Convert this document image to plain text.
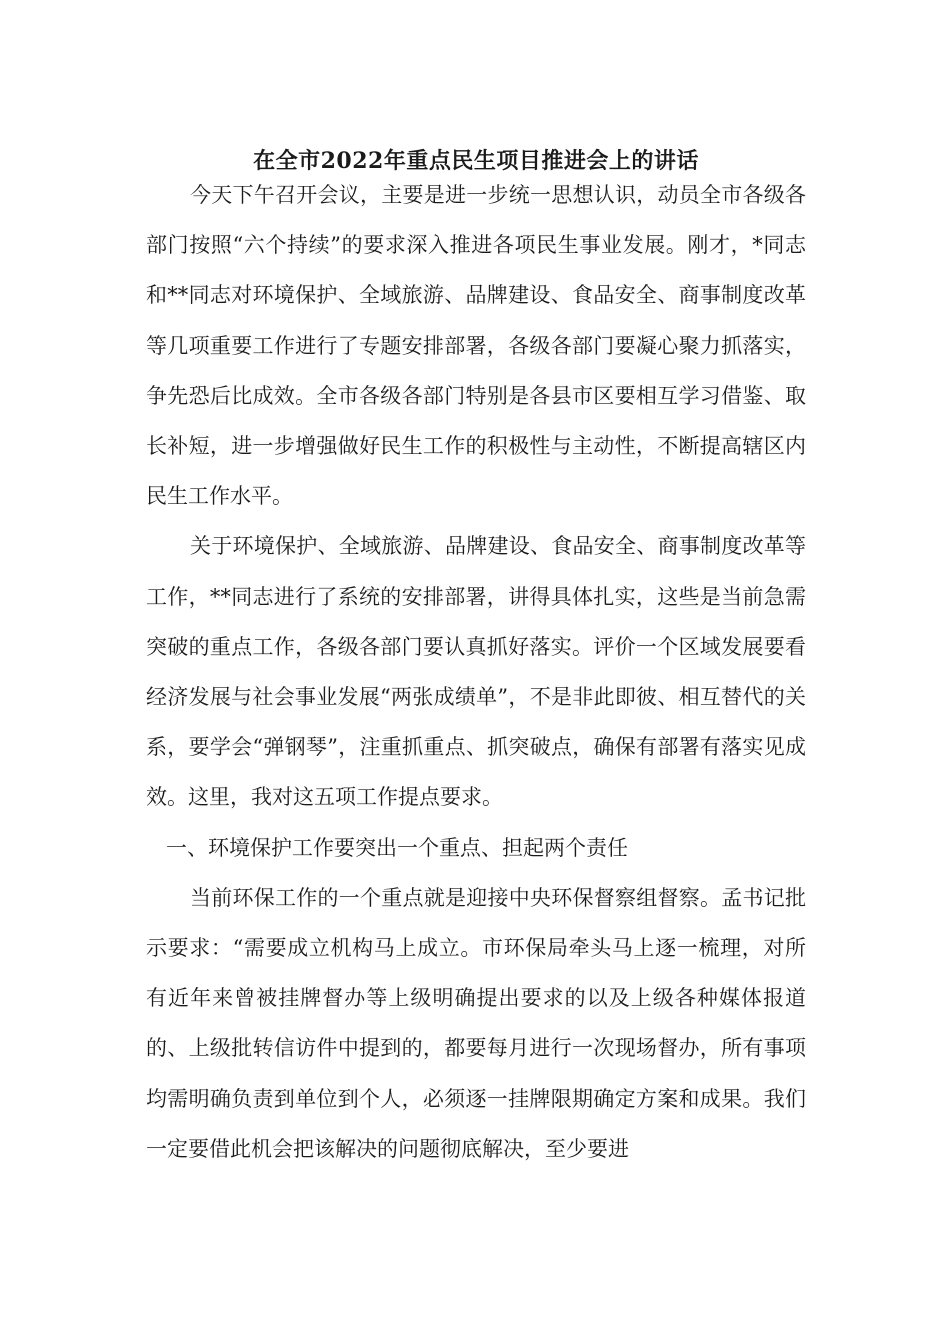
在全市2022年重点民生项目推进会上的讲话

今天下午召开会议，主要是进一步统一思想认识，动员全市各级各部门按照“六个持续”的要求深入推进各项民生事业发展。刚才，*同志和**同志对环境保护、全域旅游、品牌建设、食品安全、商事制度改革等几项重要工作进行了专题安排部署，各级各部门要凝心聚力抓落实，争先恐后比成效。全市各级各部门特别是各县市区要相互学习借鉴、取长补短，进一步增强做好民生工作的积极性与主动性，不断提高辖区内民生工作水平。

关于环境保护、全域旅游、品牌建设、食品安全、商事制度改革等工作，**同志进行了系统的安排部署，讲得具体扎实，这些是当前急需突破的重点工作，各级各部门要认真抓好落实。评价一个区域发展要看经济发展与社会事业发展“两张成绩单”，不是非此即彼、相互替代的关系，要学会“弹钢琴”，注重抓重点、抓突破点，确保有部署有落实见成效。这里，我对这五项工作提点要求。

一、环境保护工作要突出一个重点、担起两个责任

当前环保工作的一个重点就是迎接中央环保督察组督察。孟书记批示要求：“需要成立机构马上成立。市环保局牵头马上逐一梳理，对所有近年来曾被挂牌督办等上级明确提出要求的以及上级各种媒体报道的、上级批转信访件中提到的，都要每月进行一次现场督办，所有事项均需明确负责到单位到个人，必须逐一挂牌限期确定方案和成果。我们一定要借此机会把该解决的问题彻底解决，至少要进
